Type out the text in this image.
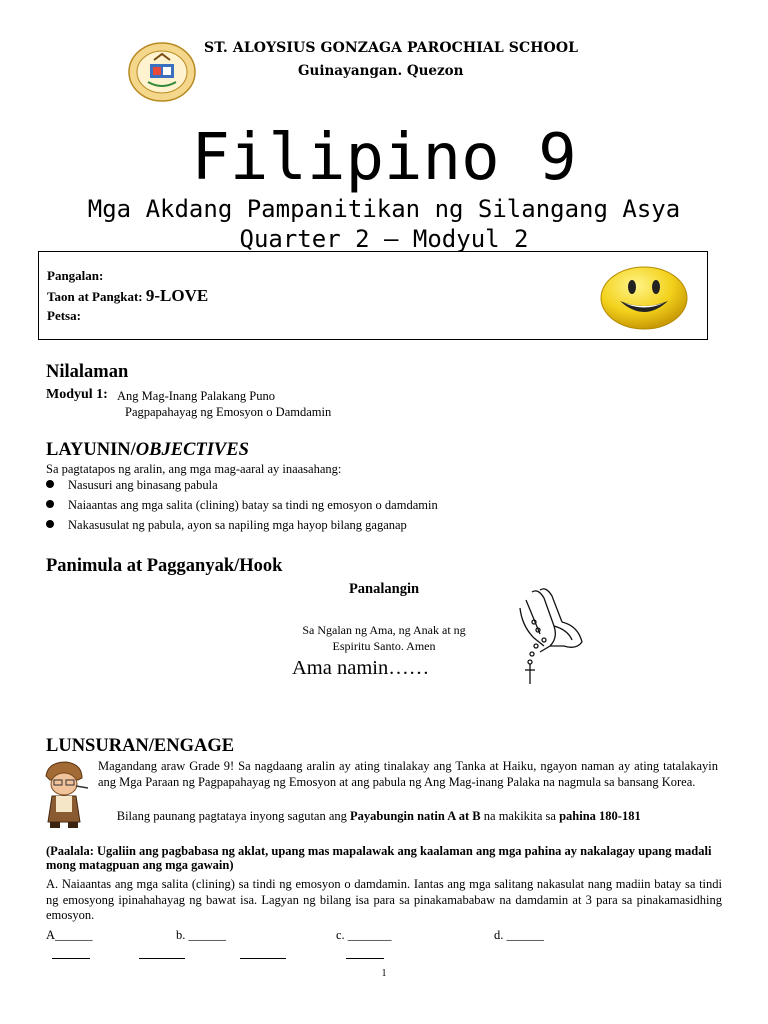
ST. ALOYSIUS GONZAGA PAROCHIAL SCHOOL
Guinayangan. Quezon
Filipino 9
Mga Akdang Pampanitikan ng Silangang Asya
Quarter 2 – Modyul 2
Pangalan:
Taon at Pangkat: 9-LOVE
Petsa:
Nilalaman
Modyul 1: Ang Mag-Inang Palakang Puno
Pagpapahayag ng Emosyon o Damdamin
LAYUNIN/OBJECTIVES
Sa pagtatapos ng aralin, ang mga mag-aaral ay inaasahang:
Nasusuri ang binasang pabula
Naiaantas ang mga salita (clining) batay sa tindi ng emosyon o damdamin
Nakasusulat ng pabula, ayon sa napiling mga hayop bilang gaganap
Panimula at Pagganyak/Hook
Panalangin
Sa Ngalan ng Ama, ng Anak at ng
Espiritu Santo. Amen
Ama namin……
LUNSURAN/ENGAGE
Magandang araw Grade 9! Sa nagdaang aralin ay ating tinalakay ang Tanka at Haiku, ngayon naman ay ating tatalakayin ang Mga Paraan ng Pagpapahayag ng Emosyon at ang pabula ng Ang Mag-inang Palaka na nagmula sa bansang Korea.
Bilang paunang pagtataya inyong sagutan ang Payabungin natin A at B na makikita sa pahina 180-181
(Paalala: Ugaliin ang pagbabasa ng aklat, upang mas mapalawak ang kaalaman ang mga pahina ay nakalagay upang madali mong matagpuan ang mga gawain)
A. Naiaantas ang mga salita (clining) sa tindi ng emosyon o damdamin. Iantas ang mga salitang nakasulat nang madiin batay sa tindi ng emosyong ipinahahayag ng bawat isa. Lagyan ng bilang isa para sa pinakamababaw na damdamin at 3 para sa pinakamasidhing emosyon.
A______	b. ______	c. _______	d. ______
1
